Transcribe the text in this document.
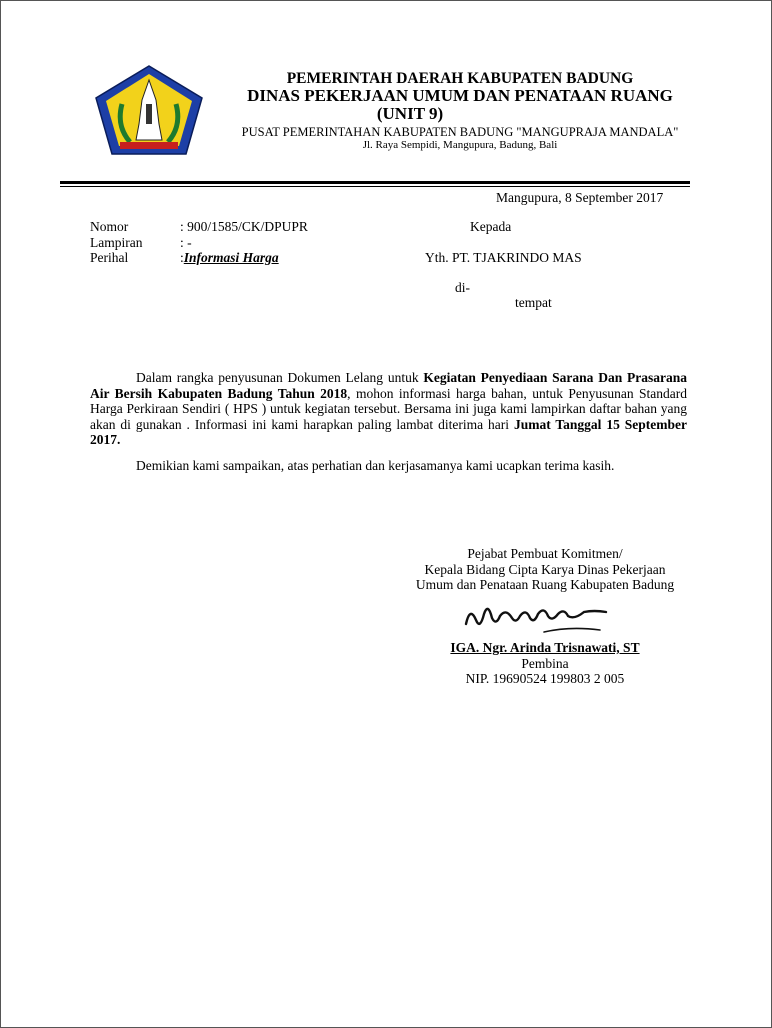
PEMERINTAH DAERAH KABUPATEN BADUNG
DINAS PEKERJAAN UMUM DAN PENATAAN RUANG
(UNIT 9)
PUSAT PEMERINTAHAN KABUPATEN BADUNG "MANGUPRAJA MANDALA"
Jl. Raya Sempidi, Mangupura, Badung, Bali
Mangupura, 8 September 2017
Nomor	: 900/1585/CK/DPUPR
Lampiran	: -
Perihal	:Informasi Harga
Kepada
Yth. PT. TJAKRINDO MAS
di-
tempat
Dalam rangka penyusunan Dokumen Lelang untuk Kegiatan Penyediaan Sarana Dan Prasarana Air Bersih Kabupaten Badung Tahun 2018, mohon informasi harga bahan, untuk Penyusunan Standard Harga Perkiraan Sendiri ( HPS ) untuk kegiatan tersebut. Bersama ini juga kami lampirkan daftar bahan yang akan di gunakan . Informasi ini kami harapkan paling lambat diterima hari Jumat Tanggal 15 September 2017.
Demikian kami sampaikan, atas perhatian dan kerjasamanya kami ucapkan terima kasih.
Pejabat Pembuat Komitmen/
Kepala Bidang Cipta Karya Dinas Pekerjaan
Umum dan Penataan Ruang Kabupaten Badung
IGA. Ngr. Arinda Trisnawati, ST
Pembina
NIP. 19690524 199803 2 005
